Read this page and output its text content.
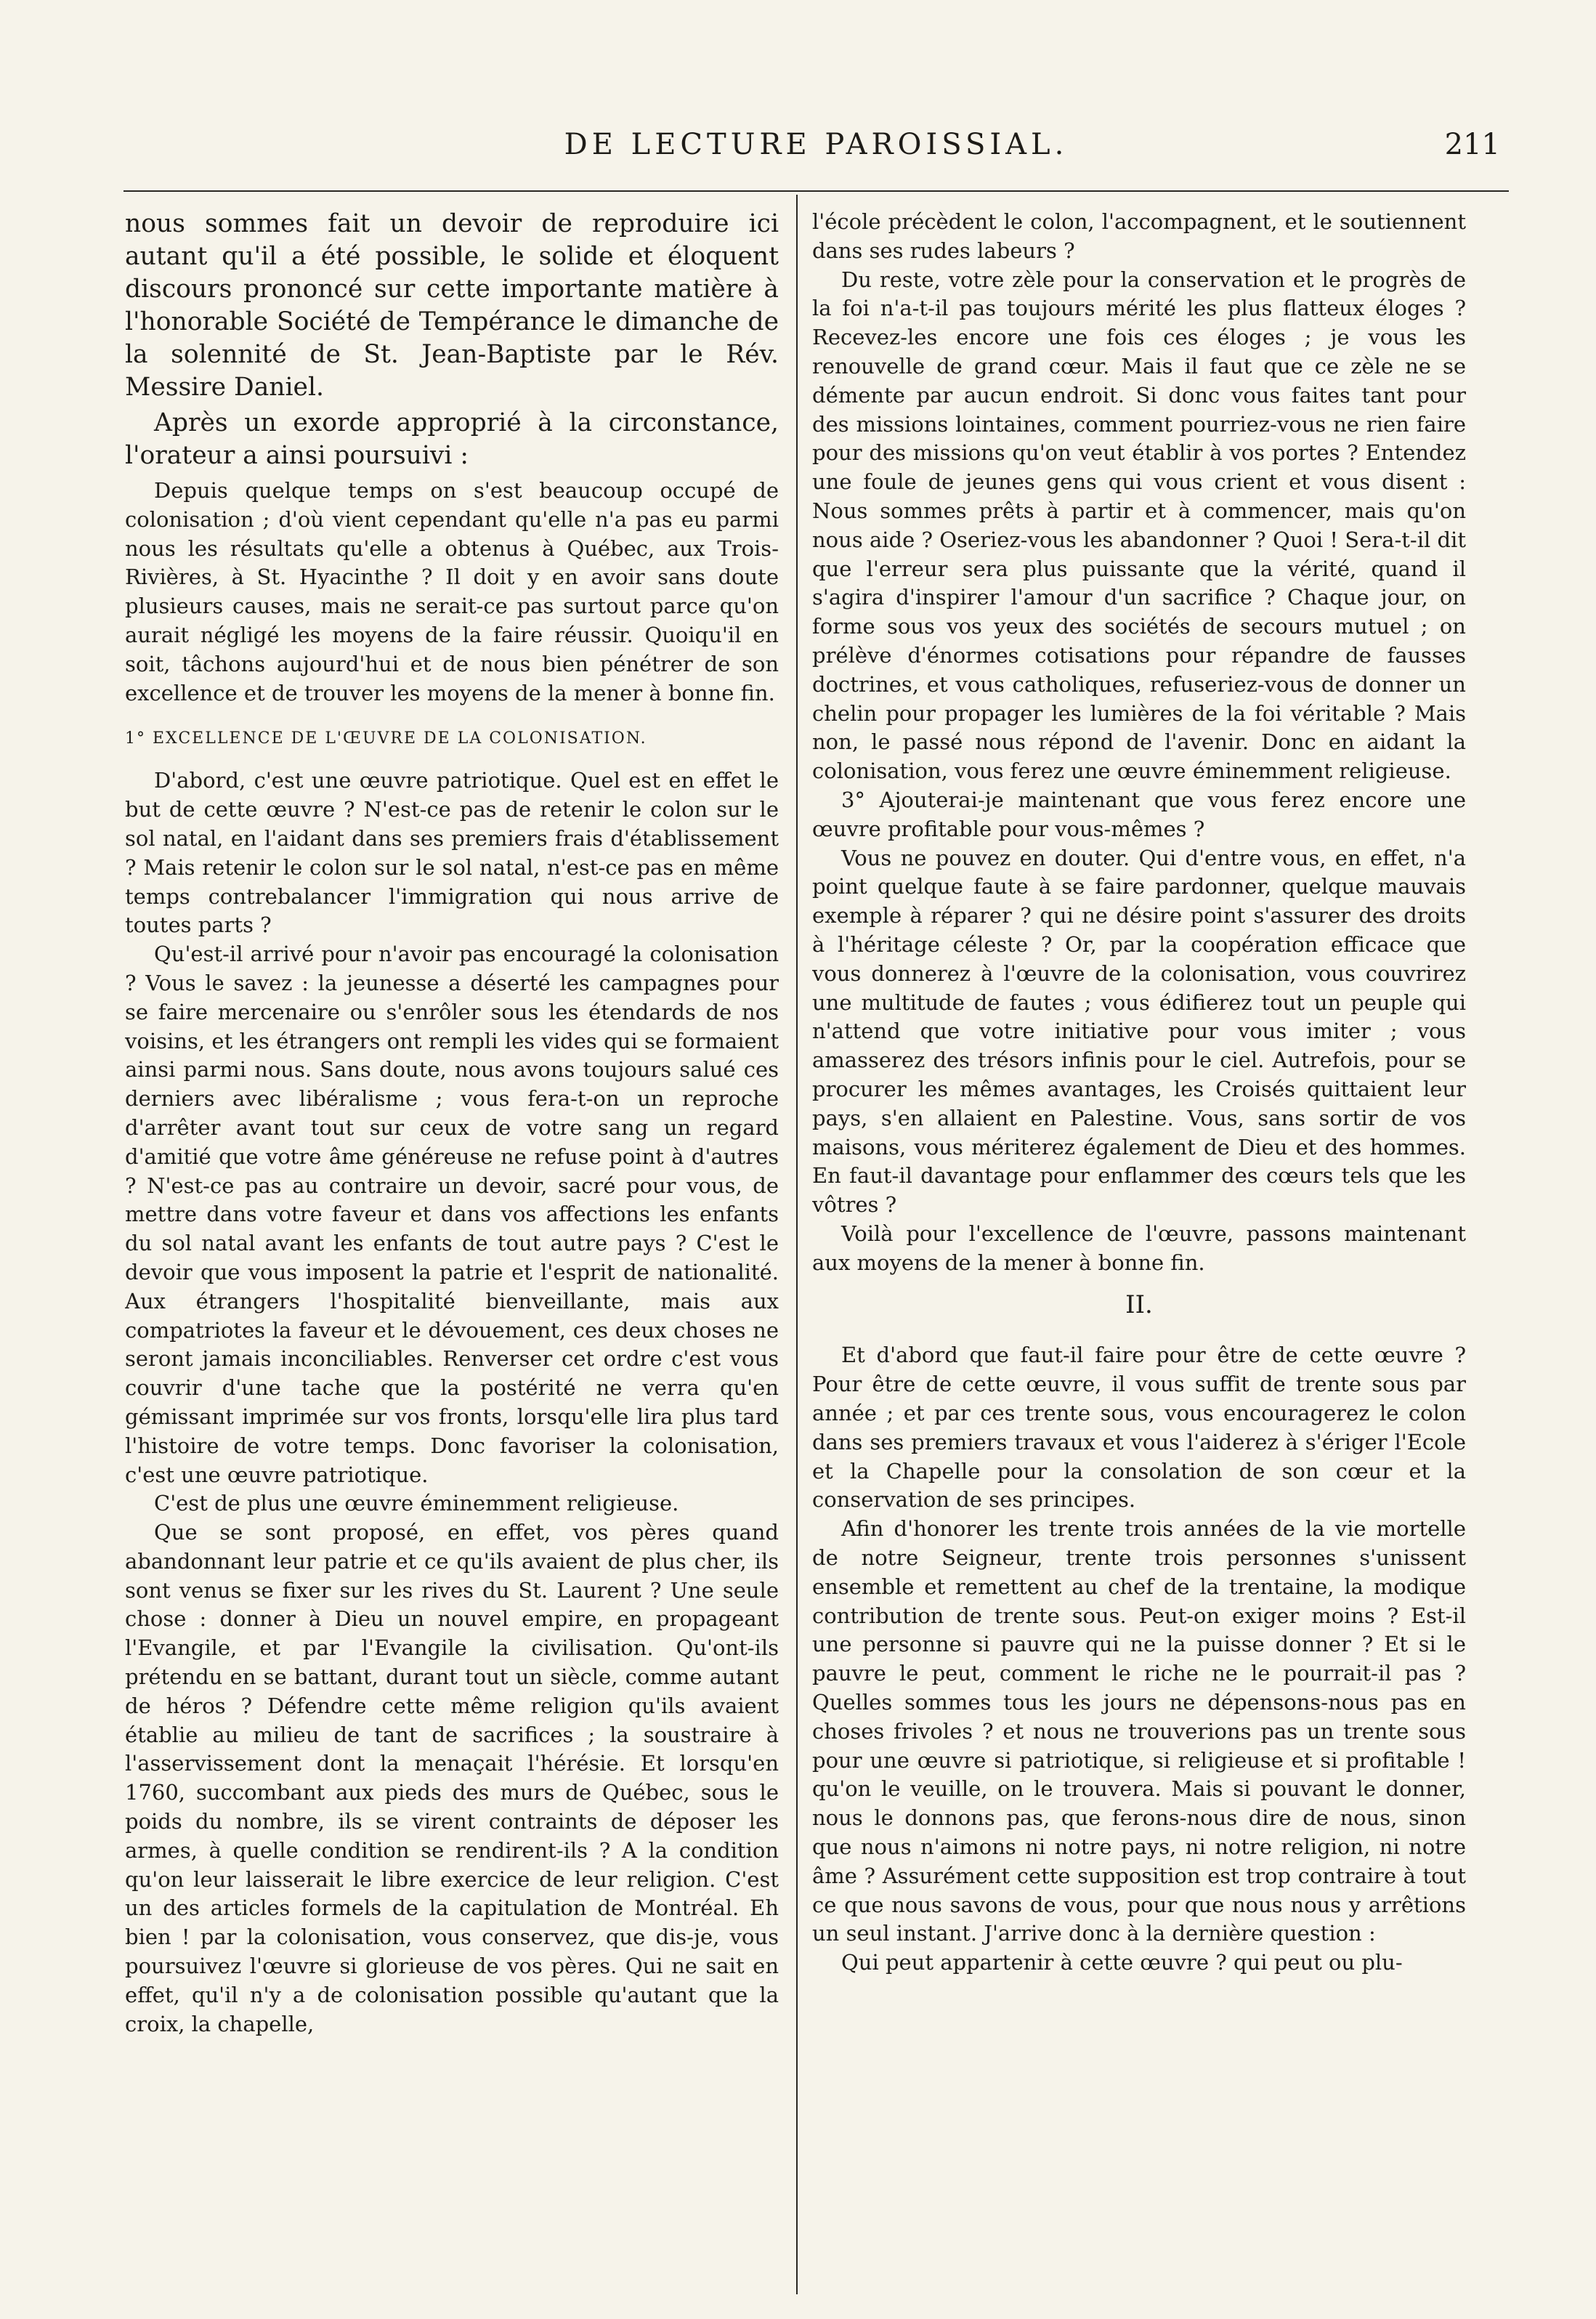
DE LECTURE PAROISSIAL.	211

nous sommes fait un devoir de reproduire ici autant qu'il a été possible, le solide et éloquent discours prononcé sur cette importante matière à l'honorable Société de Tempérance le dimanche de la solennité de St. Jean-Baptiste par le Rév. Messire Daniel.

Après un exorde approprié à la circonstance, l'orateur a ainsi poursuivi :

Depuis quelque temps on s'est beaucoup occupé de colonisation ; d'où vient cependant qu'elle n'a pas eu parmi nous les résultats qu'elle a obtenus à Québec, aux Trois-Rivières, à St. Hyacinthe ? Il doit y en avoir sans doute plusieurs causes, mais ne serait-ce pas surtout parce qu'on aurait négligé les moyens de la faire réussir. Quoiqu'il en soit, tâchons aujourd'hui et de nous bien pénétrer de son excellence et de trouver les moyens de la mener à bonne fin.

1° EXCELLENCE DE L'ŒUVRE DE LA COLONISATION.

D'abord, c'est une œuvre patriotique. Quel est en effet le but de cette œuvre ? N'est-ce pas de retenir le colon sur le sol natal, en l'aidant dans ses premiers frais d'établissement ? Mais retenir le colon sur le sol natal, n'est-ce pas en même temps contrebalancer l'immigration qui nous arrive de toutes parts ?

Qu'est-il arrivé pour n'avoir pas encouragé la colonisation ? Vous le savez : la jeunesse a déserté les campagnes pour se faire mercenaire ou s'enrôler sous les étendards de nos voisins, et les étrangers ont rempli les vides qui se formaient ainsi parmi nous. Sans doute, nous avons toujours salué ces derniers avec libéralisme ; vous fera-t-on un reproche d'arrêter avant tout sur ceux de votre sang un regard d'amitié que votre âme généreuse ne refuse point à d'autres ? N'est-ce pas au contraire un devoir, sacré pour vous, de mettre dans votre faveur et dans vos affections les enfants du sol natal avant les enfants de tout autre pays ? C'est le devoir que vous imposent la patrie et l'esprit de nationalité. Aux étrangers l'hospitalité bienveillante, mais aux compatriotes la faveur et le dévouement, ces deux choses ne seront jamais inconciliables. Renverser cet ordre c'est vous couvrir d'une tache que la postérité ne verra qu'en gémissant imprimée sur vos fronts, lorsqu'elle lira plus tard l'histoire de votre temps. Donc favoriser la colonisation, c'est une œuvre patriotique.

C'est de plus une œuvre éminemment religieuse.

Que se sont proposé, en effet, vos pères quand abandonnant leur patrie et ce qu'ils avaient de plus cher, ils sont venus se fixer sur les rives du St. Laurent ? Une seule chose : donner à Dieu un nouvel empire, en propageant l'Evangile, et par l'Evangile la civilisation. Qu'ont-ils prétendu en se battant, durant tout un siècle, comme autant de héros ? Défendre cette même religion qu'ils avaient établie au milieu de tant de sacrifices ; la soustraire à l'asservissement dont la menaçait l'hérésie. Et lorsqu'en 1760, succombant aux pieds des murs de Québec, sous le poids du nombre, ils se virent contraints de déposer les armes, à quelle condition se rendirent-ils ? A la condition qu'on leur laisserait le libre exercice de leur religion. C'est un des articles formels de la capitulation de Montréal. Eh bien ! par la colonisation, vous conservez, que dis-je, vous poursuivez l'œuvre si glorieuse de vos pères. Qui ne sait en effet, qu'il n'y a de colonisation possible qu'autant que la croix, la chapelle,

l'école précèdent le colon, l'accompagnent, et le soutiennent dans ses rudes labeurs ?

Du reste, votre zèle pour la conservation et le progrès de la foi n'a-t-il pas toujours mérité les plus flatteux éloges ? Recevez-les encore une fois ces éloges ; je vous les renouvelle de grand cœur. Mais il faut que ce zèle ne se démente par aucun endroit. Si donc vous faites tant pour des missions lointaines, comment pourriez-vous ne rien faire pour des missions qu'on veut établir à vos portes ? Entendez une foule de jeunes gens qui vous crient et vous disent : Nous sommes prêts à partir et à commencer, mais qu'on nous aide ? Oseriez-vous les abandonner ? Quoi ! Sera-t-il dit que l'erreur sera plus puissante que la vérité, quand il s'agira d'inspirer l'amour d'un sacrifice ? Chaque jour, on forme sous vos yeux des sociétés de secours mutuel ; on prélève d'énormes cotisations pour répandre de fausses doctrines, et vous catholiques, refuseriez-vous de donner un chelin pour propager les lumières de la foi véritable ? Mais non, le passé nous répond de l'avenir. Donc en aidant la colonisation, vous ferez une œuvre éminemment religieuse.

3° Ajouterai-je maintenant que vous ferez encore une œuvre profitable pour vous-mêmes ?

Vous ne pouvez en douter. Qui d'entre vous, en effet, n'a point quelque faute à se faire pardonner, quelque mauvais exemple à réparer ? qui ne désire point s'assurer des droits à l'héritage céleste ? Or, par la coopération efficace que vous donnerez à l'œuvre de la colonisation, vous couvrirez une multitude de fautes ; vous édifierez tout un peuple qui n'attend que votre initiative pour vous imiter ; vous amasserez des trésors infinis pour le ciel. Autrefois, pour se procurer les mêmes avantages, les Croisés quittaient leur pays, s'en allaient en Palestine. Vous, sans sortir de vos maisons, vous mériterez également de Dieu et des hommes. En faut-il davantage pour enflammer des cœurs tels que les vôtres ?

Voilà pour l'excellence de l'œuvre, passons maintenant aux moyens de la mener à bonne fin.

II.

Et d'abord que faut-il faire pour être de cette œuvre ? Pour être de cette œuvre, il vous suffit de trente sous par année ; et par ces trente sous, vous encouragerez le colon dans ses premiers travaux et vous l'aiderez à s'ériger l'Ecole et la Chapelle pour la consolation de son cœur et la conservation de ses principes.

Afin d'honorer les trente trois années de la vie mortelle de notre Seigneur, trente trois personnes s'unissent ensemble et remettent au chef de la trentaine, la modique contribution de trente sous. Peut-on exiger moins ? Est-il une personne si pauvre qui ne la puisse donner ? Et si le pauvre le peut, comment le riche ne le pourrait-il pas ? Quelles sommes tous les jours ne dépensons-nous pas en choses frivoles ? et nous ne trouverions pas un trente sous pour une œuvre si patriotique, si religieuse et si profitable ! qu'on le veuille, on le trouvera. Mais si pouvant le donner, nous le donnons pas, que ferons-nous dire de nous, sinon que nous n'aimons ni notre pays, ni notre religion, ni notre âme ? Assurément cette supposition est trop contraire à tout ce que nous savons de vous, pour que nous nous y arrêtions un seul instant. J'arrive donc à la dernière question :

Qui peut appartenir à cette œuvre ? qui peut ou plu-
